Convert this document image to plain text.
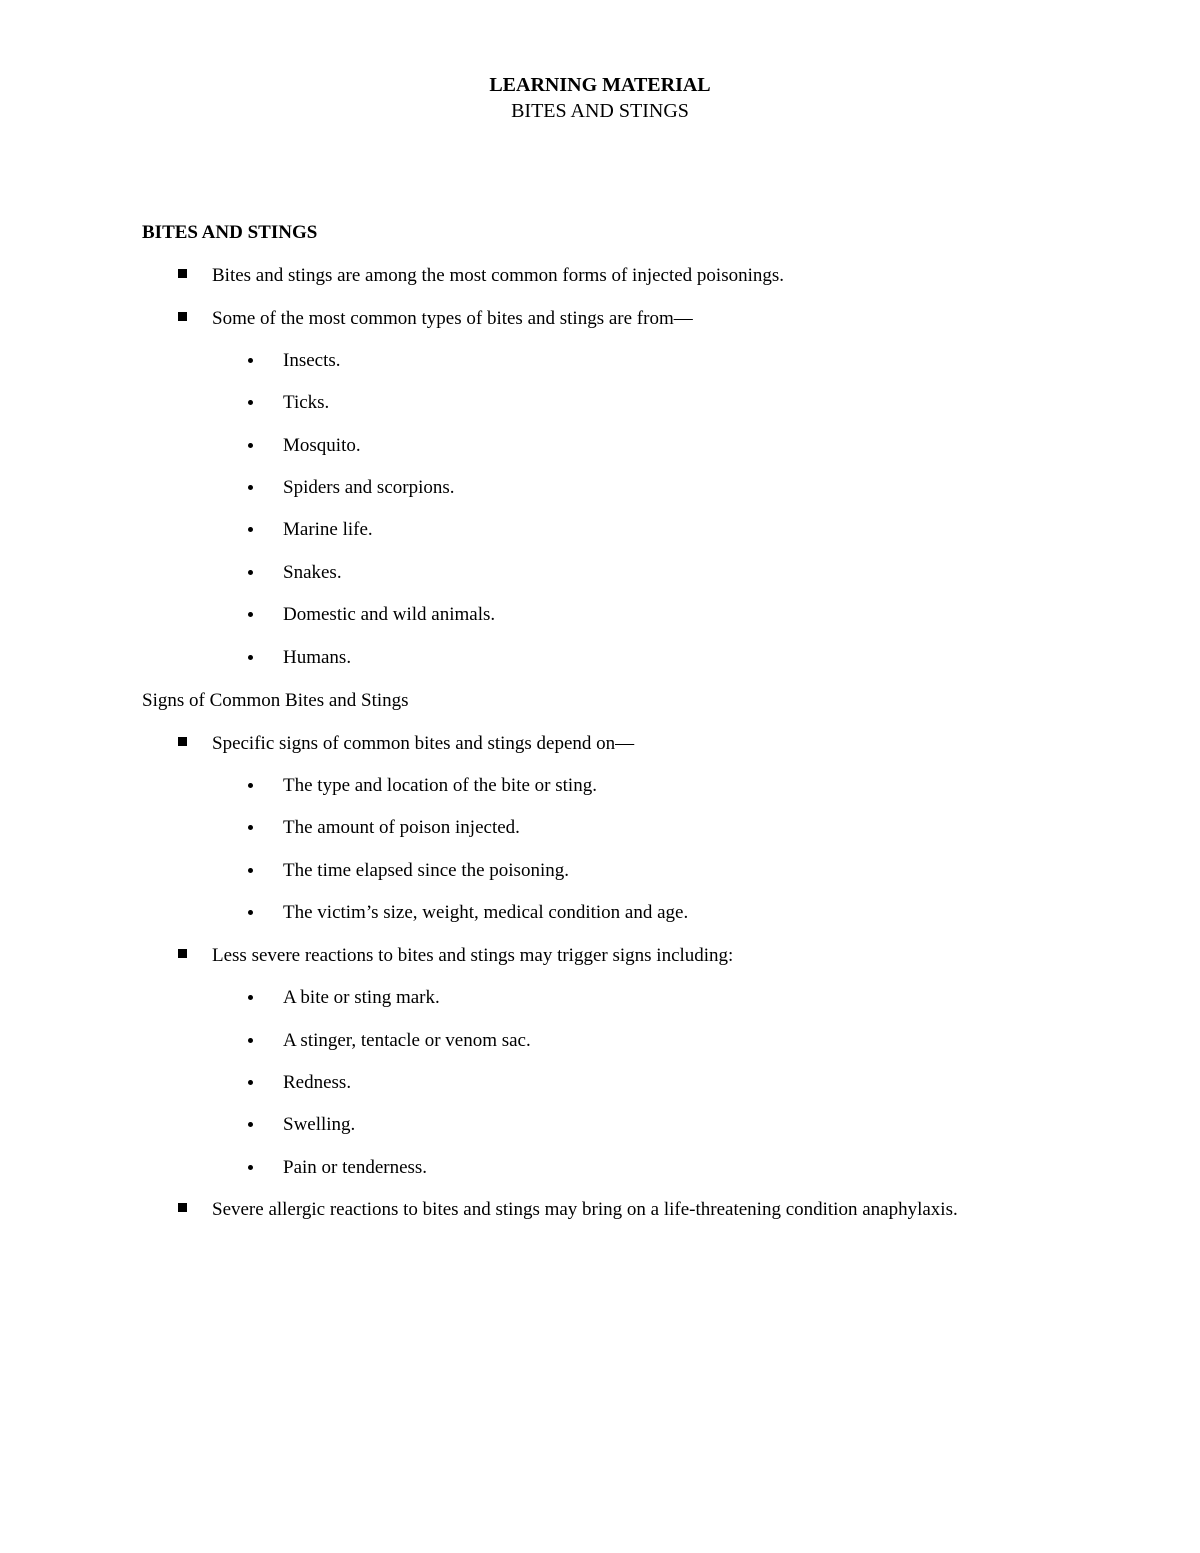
LEARNING MATERIAL
BITES AND STINGS
BITES AND STINGS
Bites and stings are among the most common forms of injected poisonings.
Some of the most common types of bites and stings are from—
Insects.
Ticks.
Mosquito.
Spiders and scorpions.
Marine life.
Snakes.
Domestic and wild animals.
Humans.
Signs of Common Bites and Stings
Specific signs of common bites and stings depend on—
The type and location of the bite or sting.
The amount of poison injected.
The time elapsed since the poisoning.
The victim’s size, weight, medical condition and age.
Less severe reactions to bites and stings may trigger signs including:
A bite or sting mark.
A stinger, tentacle or venom sac.
Redness.
Swelling.
Pain or tenderness.
Severe allergic reactions to bites and stings may bring on a life-threatening condition anaphylaxis.
